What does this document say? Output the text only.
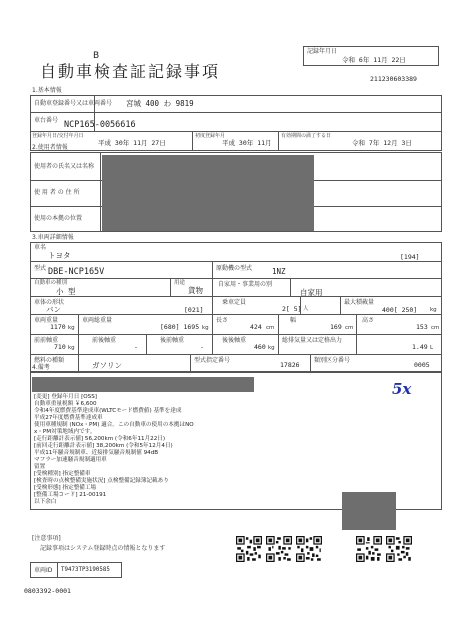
B
自動車検査証記録事項
記録年月日
令和 6年 11月 22日
211230603389
1.基本情報
自動車登録番号又は車両番号 宮城 400 わ 9819
車台番号 NCP165-0056616
登録年月日/交付年月日
平成 30年 11月 27日
初度登録年月
平成 30年 11月
有効期間の満了する日
令和 7年 12月 3日
2.使用者情報
使用者の氏名又は名称
使 用 者 の 住 所
使用の本拠の位置
3.車両詳細情報
車名
トヨタ	[194]
型式 DBE-NCP165V	原動機の型式	1NZ
自動車の種別
小 型
用途
貨物
自家用・事業用の別
自家用
車体の形状
バン	[021]
乗車定員
2[ 5] 人
最大積載量
400[ 250] kg
車両重量
1170 kg
車両総重量
[680] 1695 kg
長さ
424 cm
幅
169 cm
高さ
153 cm
前前軸重
710 kg
前後軸重
-
後前軸重
-
後後軸重
460 kg
総排気量又は定格出力
1.49 L
燃料の種類
ガソリン
型式指定番号
17826
類別区分番号
0005
4.備考
5x
[変更] 登録年月日 [OSS]
自動車重量税額 ￥6,600
令和4年度燃費基準達成車(WLTCモード燃費値) 基準を達成
平成27年度燃費基準達成車
使用車種規制 (NOx・PM) 適合。この自動車の使用の本拠はNO
x・PM対策地域内です。
[走行距離計表示値] 56,200km (令和6年11月22日)
[前回走行距離計表示値] 38,200km (令和5年12月4日)
平成11年騒音規制車、近接排気騒音規制値 94dB
マフラー加速騒音規制適用車
留置
[受検種別] 指定整備車
[検査時の点検整備実施状況] 点検整備記録簿記載あり
[受検形態] 指定整備工場
[整備工場コード] 21-00191
以下余白
[注意事項]
記録事項はシステム登録時点の情報となります
車両ID T9473TP3190585
0803392-0001
